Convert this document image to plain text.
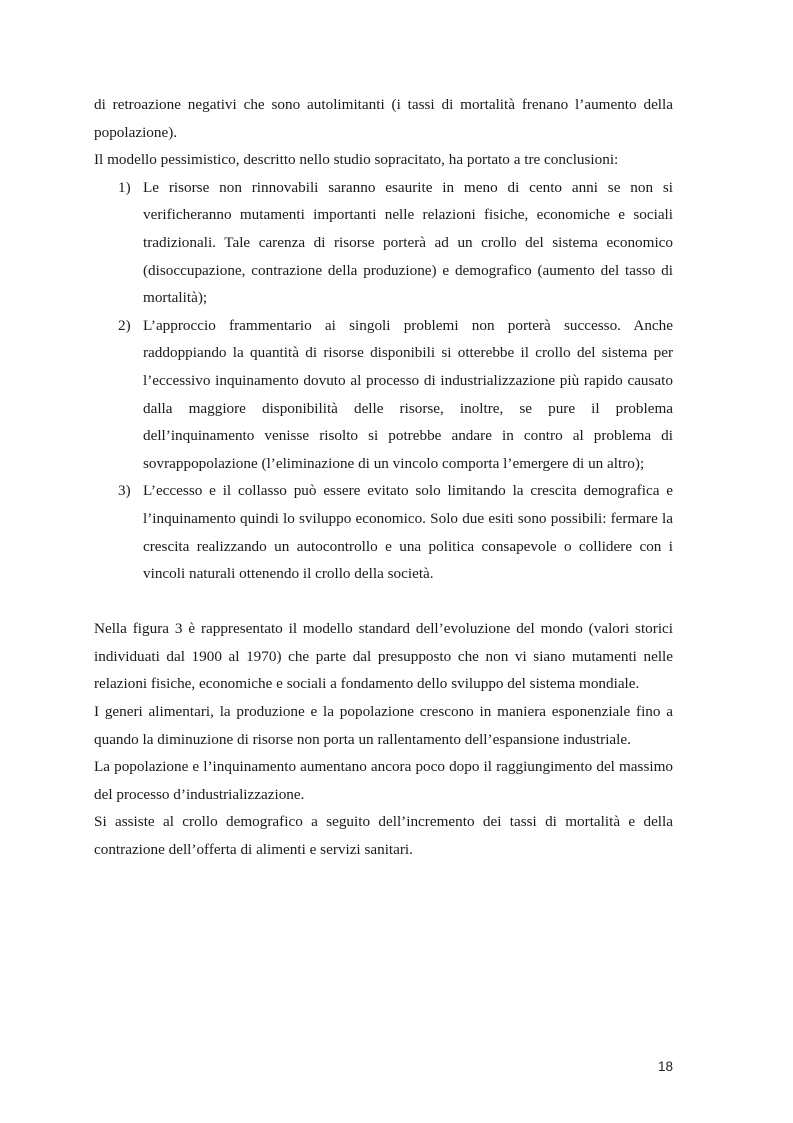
di retroazione negativi che sono autolimitanti (i tassi di mortalità frenano l’aumento della popolazione).

Il modello pessimistico, descritto nello studio sopracitato, ha portato a tre conclusioni:

1) Le risorse non rinnovabili saranno esaurite in meno di cento anni se non si verificheranno mutamenti importanti nelle relazioni fisiche, economiche e sociali tradizionali. Tale carenza di risorse porterà ad un crollo del sistema economico (disoccupazione, contrazione della produzione) e demografico (aumento del tasso di mortalità);
2) L’approccio frammentario ai singoli problemi non porterà successo. Anche raddoppiando la quantità di risorse disponibili si otterebbe il crollo del sistema per l’eccessivo inquinamento dovuto al processo di industrializzazione più rapido causato dalla maggiore disponibilità delle risorse, inoltre, se pure il problema dell’inquinamento venisse risolto si potrebbe andare in contro al problema di sovrappopolazione (l’eliminazione di un vincolo comporta l’emergere di un altro);
3) L’eccesso e il collasso può essere evitato solo limitando la crescita demografica e l’inquinamento quindi lo sviluppo economico. Solo due esiti sono possibili: fermare la crescita realizzando un autocontrollo e una politica consapevole o collidere con i vincoli naturali ottenendo il crollo della società.

Nella figura 3 è rappresentato il modello standard dell’evoluzione del mondo (valori storici individuati dal 1900 al 1970) che parte dal presupposto che non vi siano mutamenti nelle relazioni fisiche, economiche e sociali a fondamento dello sviluppo del sistema mondiale.

I generi alimentari, la produzione e la popolazione crescono in maniera esponenziale fino a quando la diminuzione di risorse non porta un rallentamento dell’espansione industriale.

La popolazione e l’inquinamento aumentano ancora poco dopo il raggiungimento del massimo del processo d’industrializzazione.

Si assiste al crollo demografico a seguito dell’incremento dei tassi di mortalità e della contrazione dell’offerta di alimenti e servizi sanitari.

18
